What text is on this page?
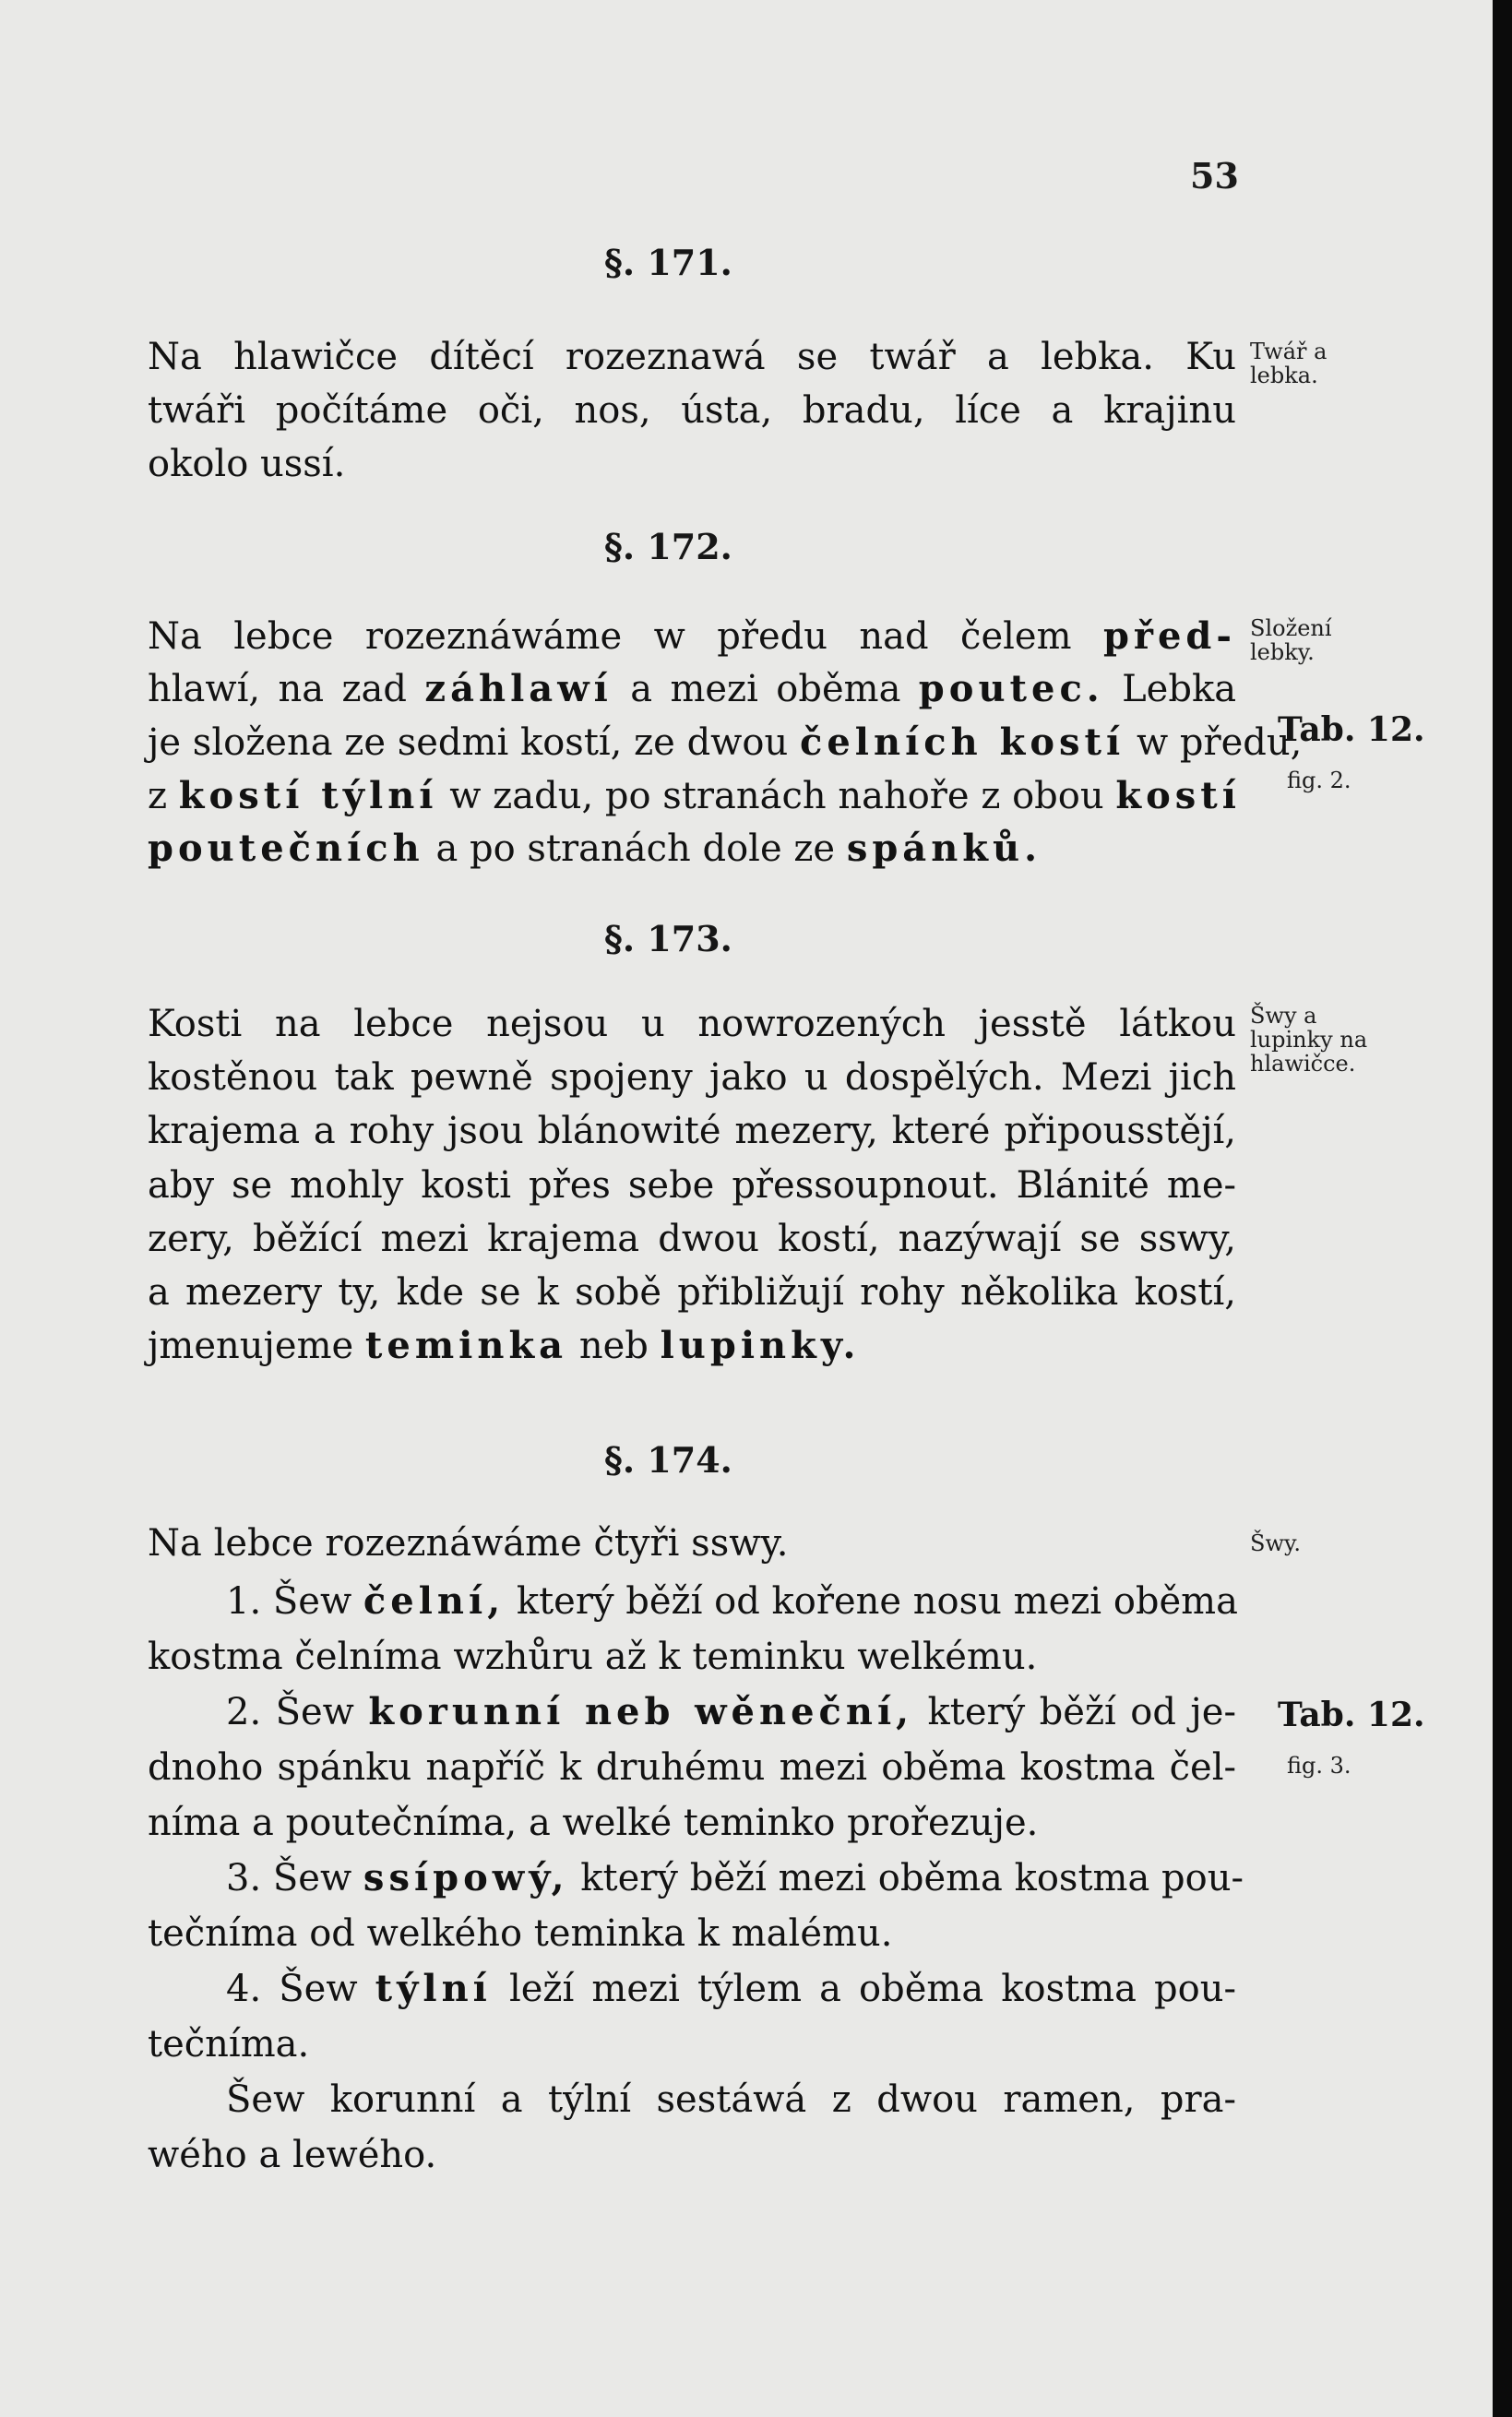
53
§. 171.
Na hlawičce dítěcí rozeznawá se twář a lebka. Ku
twáři počítáme oči, nos, ústa, bradu, líce a krajinu
okolo ussí.
Twář a lebka.
§. 172.
Na lebce rozeznáwáme w předu nad čelem před-
hlawí, na zad záhlawí a mezi oběma poutec. Lebka
je složena ze sedmi kostí, ze dwou čelních kostí w předu,
z kostí týlní w zadu, po stranách nahoře z obou kostí
poutečních a po stranách dole ze spánků.
Složení lebky.
Tab. 12.
fig. 2.
§. 173.
Kosti na lebce nejsou u nowrozených jesstě látkou
kostěnou tak pewně spojeny jako u dospělých. Mezi jich
krajema a rohy jsou blánowité mezery, které připousstějí,
aby se mohly kosti přes sebe přessoupnout. Blánité me-
zery, běžící mezi krajema dwou kostí, nazýwají se sswy,
a mezery ty, kde se k sobě přibližují rohy několika kostí,
jmenujeme teminka neb lupinky.
Šwy a lupinky na hlawičce.
§. 174.
Na lebce rozeznáwáme čtyři sswy.	Šwy.
1. Šew čelní, který běží od kořene nosu mezi oběma
kostma čelníma wzhůru až k teminku welkému.
2. Šew korunní neb wěneční, který běží od je-
dnoho spánku napříč k druhému mezi oběma kostma čel-
níma a poutečníma, a welké teminko prořezuje.
3. Šew ssípowý, který běží mezi oběma kostma pou-
tečníma od welkého teminka k malému.
4. Šew týlní leží mezi týlem a oběma kostma pou-
tečníma.
Šew korunní a týlní sestáwá z dwou ramen, pra-
wého a lewého.
Tab. 12.
fig. 3.
